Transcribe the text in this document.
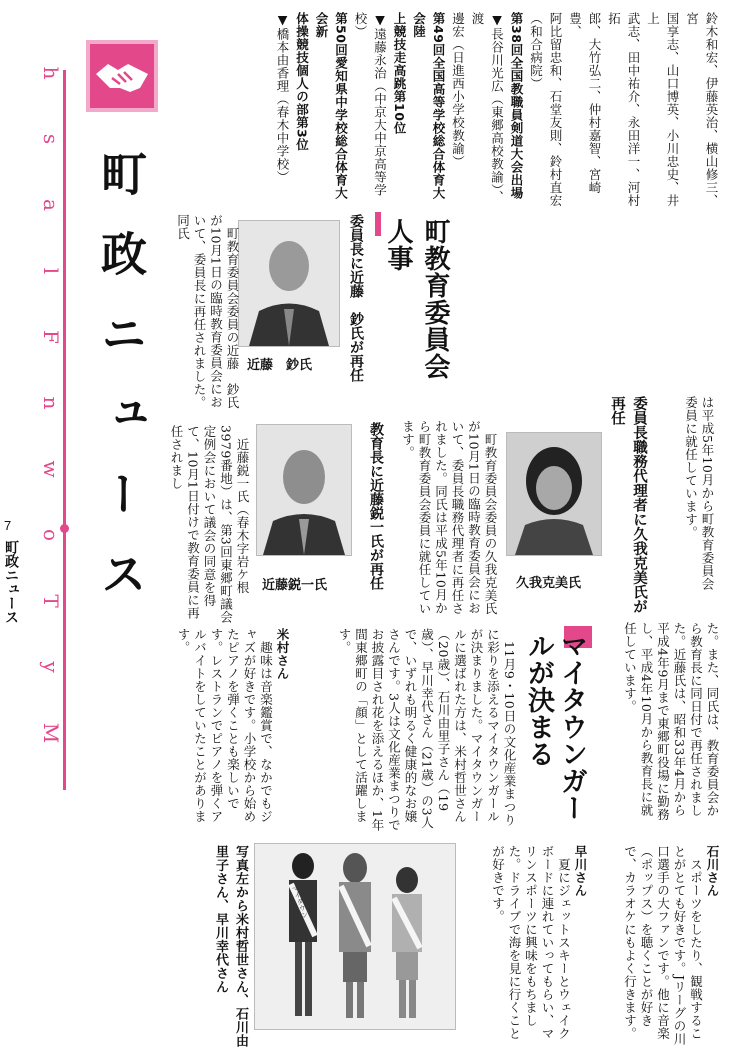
h
s
a
l
F
n
w
o
T
y
M
7
町政ニュース 町政ニュース

鈴木和宏、伊藤英治、横山修三、宮

国享志、山口博英、小川忠史、井上

武志、田中祐介、永田洋一、河村拓

郎、大竹弘二、仲村嘉智、宮崎豊、

阿比留忠和、石堂友則、鈴村直宏

（和合病院）

第38回全国教職員剣道大会出場

▼長谷川光広（東郷高校教諭）、渡

邊宏（日進西小学校教諭）

第49回全国高等学校総合体育大会陸

上競技走高跳第10位

▼遠藤永治（中京大中京高等学校）

第50回愛知県中学校総合体育大会新

体操競技個人の部第3位

▼橋本由香理（春木中学校）

町教育委員会人事
委員長に近藤　鈔氏が再任
近藤　鈔氏

町教育委員会委員の近藤　鈔氏が10月1日の臨時教育委員会において、委員長に再任されました。同氏

は平成5年10月から町教育委員会委員に就任しています。

委員長職務代理者に久我克美氏が再任
久我克美氏

町教育委員会委員の久我克美氏が10月1日の臨時教育委員会において、委員長職務代理者に再任されました。同氏は平成5年10月から町教育委員会委員に就任しています。

教育長に近藤鋭一氏が再任
近藤鋭一氏

近藤鋭一氏（春木字岩ケ根3979番地）は、第3回東郷町議会定例会において議会の同意を得て、10月1日付けで教育委員に再任されまし

た。また、同氏は、教育委員会から教育長に同日付で再任されました。近藤氏は、昭和33年4月から平成4年9月まで東郷町役場に勤務し、平成4年10月から教育長に就任しています。

マイタウンガールが決まる

11月9・10日の文化産業まつりに彩りを添えるマイタウンガールが決まりました。マイタウンガールに選ばれた方は、米村哲世さん（20歳）、石川由里子さん（19歳）、早川幸代さん（21歳）の3人で、いずれも明るく健康的なお嬢さんです。3人は文化産業まつりでお披露目され花を添えるほか、1年間東郷町の「顔」として活躍します。

米村さん

趣味は音楽鑑賞で、なかでもジャズが好きです。小学校から始めたピアノを弾くことも楽しいです。レストランでピアノを弾くアルバイトをしていたことがあります。

石川さん

スポーツをしたり、観戦することがとても好きです。Jリーグの川口選手の大ファンです。他に音楽（ポップス）を聴くことが好きで、カラオケにもよく行きます。

早川さん

夏にジェットスキーとウェイクボードに連れていってもらい、マリンスポーツに興味をもちました。ドライブで海を見に行くことが好きです。

マイタウン

写真左から米村哲世さん、石川由里子さん、早川幸代さん
